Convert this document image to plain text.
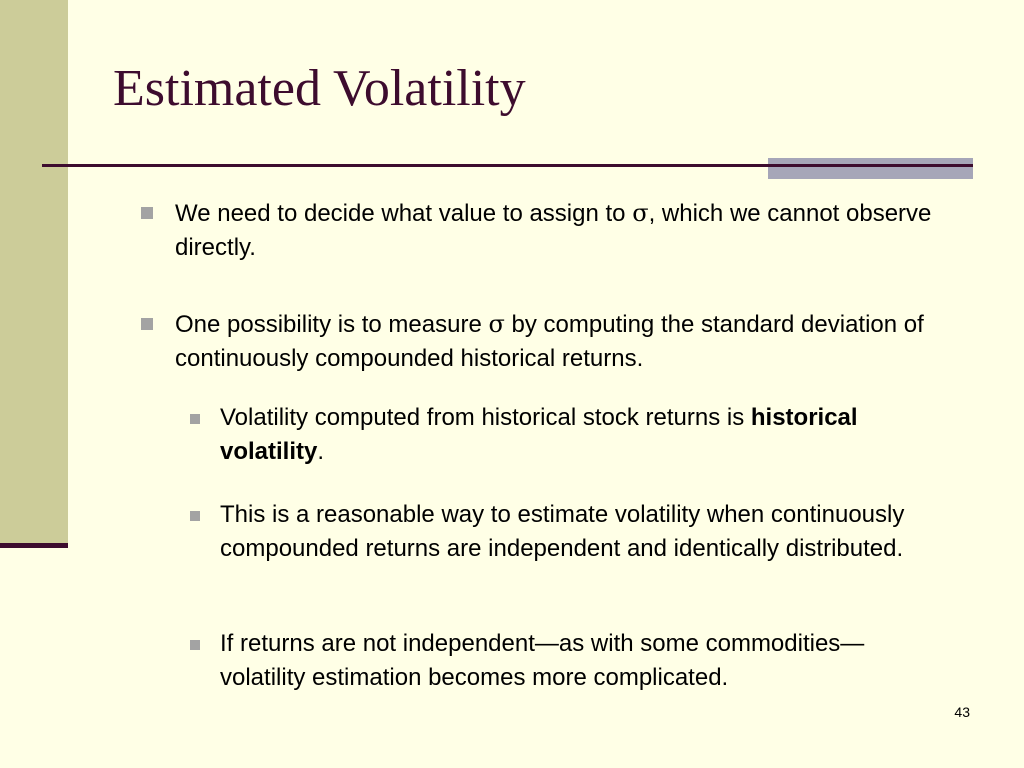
Estimated Volatility
We need to decide what value to assign to σ, which we cannot observe directly.
One possibility is to measure σ by computing the standard deviation of continuously compounded historical returns.
Volatility computed from historical stock returns is historical volatility.
This is a reasonable way to estimate volatility when continuously compounded returns are independent and identically distributed.
If returns are not independent—as with some commodities— volatility estimation becomes more complicated.
43
